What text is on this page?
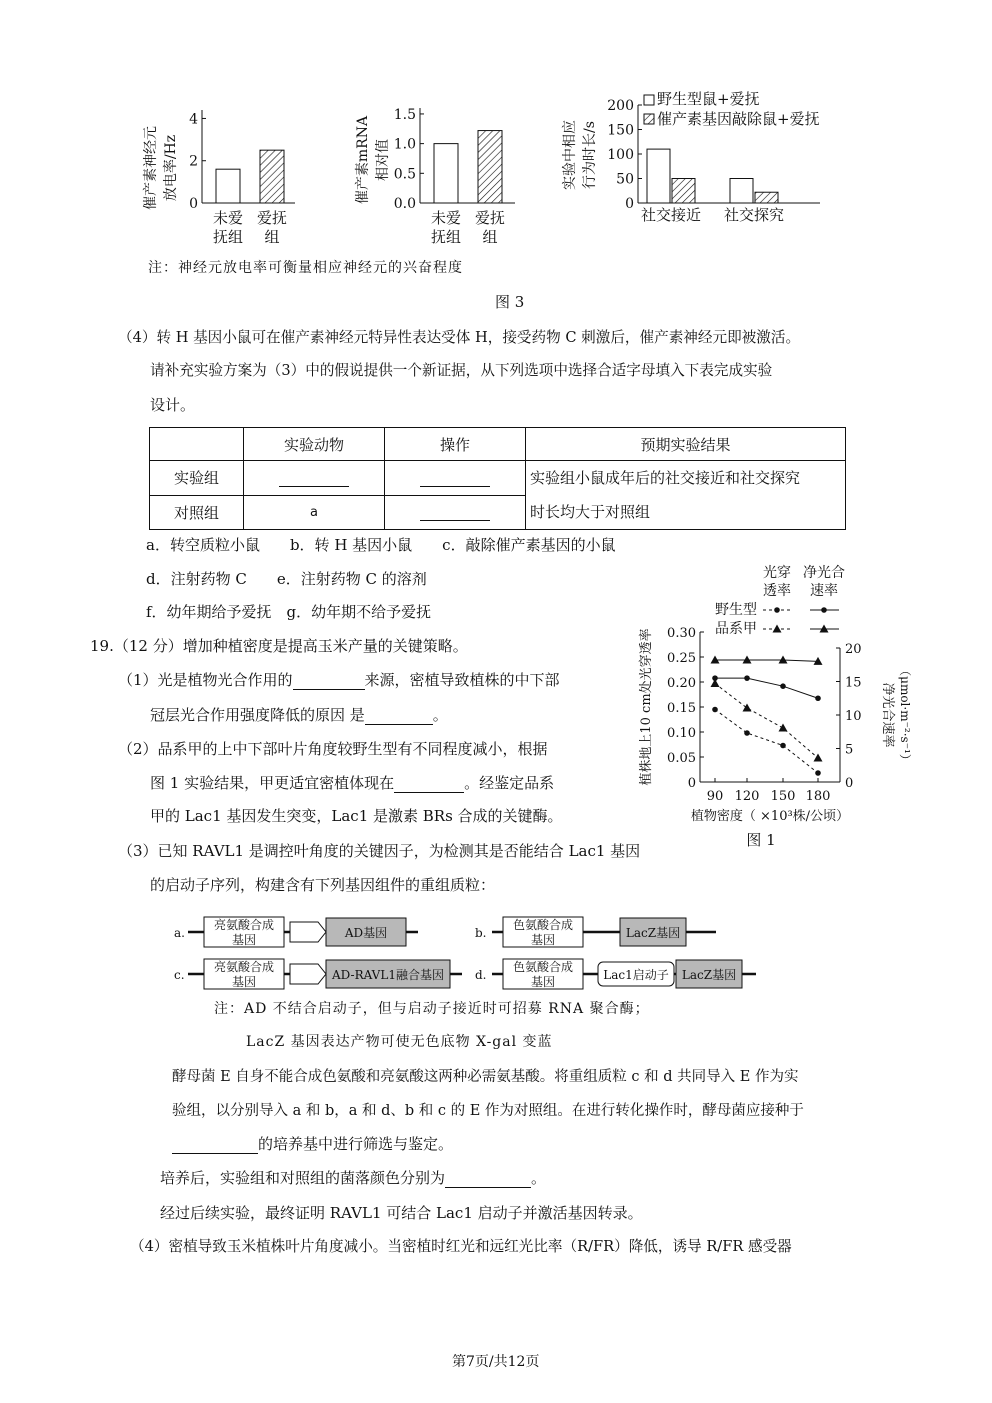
催产素神经元 放电率/Hz
4
2
0
未爱
抚组
爱抚
组
催产素mRNA 相对值
1.5
1.0
0.5
0.0
未爱
抚组
爱抚
组
实验中相应 行为时长/s
200
150
100
50
0
社交接近 社交探究
野生型鼠+爱抚
催产素基因敲除鼠+爱抚
注：神经元放电率可衡量相应神经元的兴奋程度
图 3
（4）转 H 基因小鼠可在催产素神经元特异性表达受体 H，接受药物 C 刺激后，催产素神经元即被激活。
请补充实验方案为（3）中的假说提供一个新证据，从下列选项中选择合适字母填入下表完成实验
设计。
	实验动物	操作	预期实验结果
实验组			实验组小鼠成年后的社交接近和社交探究
时长均大于对照组

对照组	a		
a．转空质粒小鼠　　b．转 H 基因小鼠　　c．敲除催产素基因的小鼠
d．注射药物 C　　e．注射药物 C 的溶剂
f．幼年期给予爱抚　g．幼年期不给予爱抚
19.（12 分）增加种植密度是提高玉米产量的关键策略。
（1）光是植物光合作用的	来源，密植导致植株的中下部
冠层光合作用强度降低的原因 是	。
（2）品系甲的上中下部叶片角度较野生型有不同程度减小，根据
图 1 实验结果，甲更适宜密植体现在	。经鉴定品系
甲的 Lac1 基因发生突变，Lac1 是激素 BRs 合成的关键酶。
（3）已知 RAVL1 是调控叶角度的关键因子，为检测其是否能结合 Lac1 基因
的启动子序列，构建含有下列基因组件的重组质粒：
光穿
透率
净光合
速率
野生型
品系甲
植株地上10 cm处光穿透率	净光合速率 （μmol·m⁻²·s⁻¹）
0.30
0.25
0.20
0.15
0.10
0.05
0
20
15
10
5
0
90 120 150 180
植物密度（ ×10³株/公顷）
图 1
a.
亮氨酸合成
基因	AD基因	b.
色氨酸合成
基因	LacZ基因
c.
亮氨酸合成
基因	AD-RAVL1融合基因	d.
色氨酸合成
基因	Lac1启动子 LacZ基因
注：AD 不结合启动子，但与启动子接近时可招募 RNA 聚合酶；
LacZ 基因表达产物可使无色底物 X-gal 变蓝
酵母菌 E 自身不能合成色氨酸和亮氨酸这两种必需氨基酸。将重组质粒 c 和 d 共同导入 E 作为实
验组，以分别导入 a 和 b，a 和 d、b 和 c 的 E 作为对照组。在进行转化操作时，酵母菌应接种于
的培养基中进行筛选与鉴定。
培养后，实验组和对照组的菌落颜色分别为	。
经过后续实验，最终证明 RAVL1 可结合 Lac1 启动子并激活基因转录。
（4）密植导致玉米植株叶片角度减小。当密植时红光和远红光比率（R/FR）降低，诱导 R/FR 感受器
第7页/共12页
